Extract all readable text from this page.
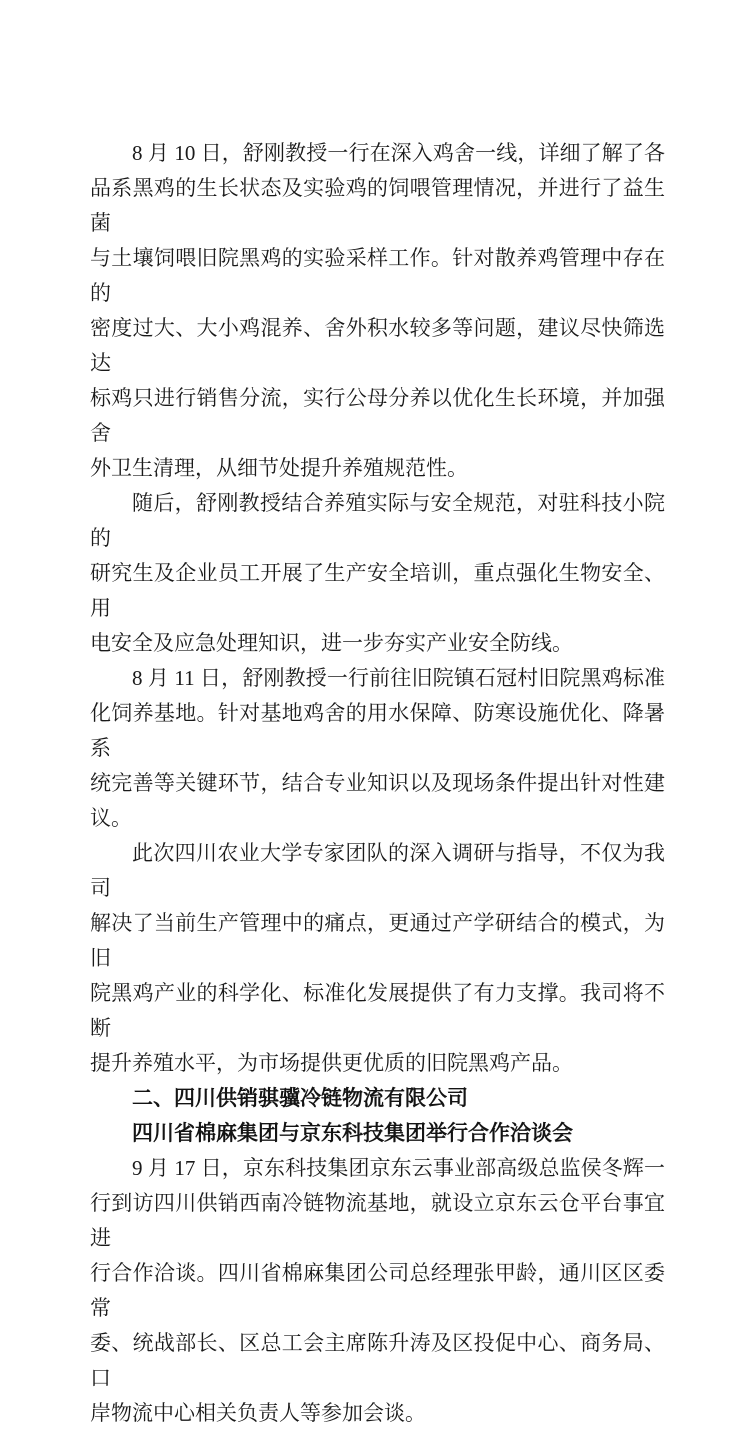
8 月 10 日，舒刚教授一行在深入鸡舍一线，详细了解了各
品系黑鸡的生长状态及实验鸡的饲喂管理情况，并进行了益生菌
与土壤饲喂旧院黑鸡的实验采样工作。针对散养鸡管理中存在的
密度过大、大小鸡混养、舍外积水较多等问题，建议尽快筛选达
标鸡只进行销售分流，实行公母分养以优化生长环境，并加强舍
外卫生清理，从细节处提升养殖规范性。
随后，舒刚教授结合养殖实际与安全规范，对驻科技小院的
研究生及企业员工开展了生产安全培训，重点强化生物安全、用
电安全及应急处理知识，进一步夯实产业安全防线。
8 月 11 日，舒刚教授一行前往旧院镇石冠村旧院黑鸡标准
化饲养基地。针对基地鸡舍的用水保障、防寒设施优化、降暑系
统完善等关键环节，结合专业知识以及现场条件提出针对性建议。
此次四川农业大学专家团队的深入调研与指导，不仅为我司
解决了当前生产管理中的痛点，更通过产学研结合的模式，为旧
院黑鸡产业的科学化、标准化发展提供了有力支撑。我司将不断
提升养殖水平，为市场提供更优质的旧院黑鸡产品。
二、四川供销骐骥冷链物流有限公司
四川省棉麻集团与京东科技集团举行合作洽谈会
9 月 17 日，京东科技集团京东云事业部高级总监侯冬辉一
行到访四川供销西南冷链物流基地，就设立京东云仓平台事宜进
行合作洽谈。四川省棉麻集团公司总经理张甲龄，通川区区委常
委、统战部长、区总工会主席陈升涛及区投促中心、商务局、口
岸物流中心相关负责人等参加会谈。
